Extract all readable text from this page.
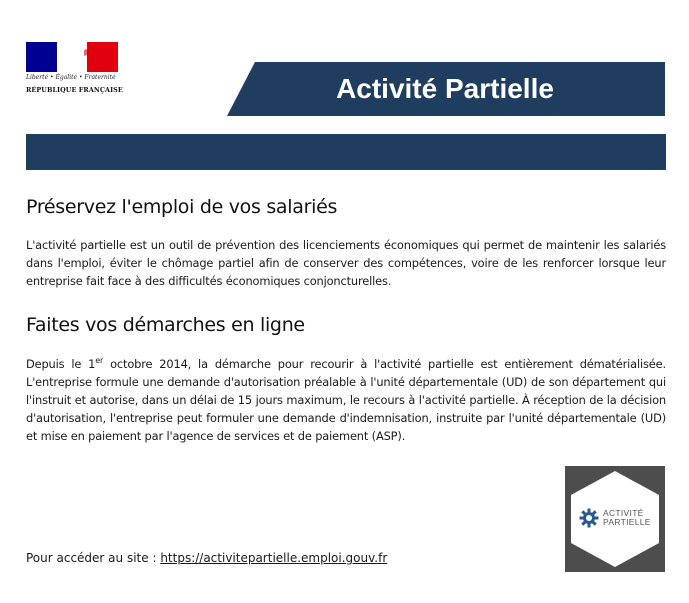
Liberté • Égalité • Fraternité
RÉPUBLIQUE FRANÇAISE	Activité Partielle
Préservez l'emploi de vos salariés

L'activité partielle est un outil de prévention des licenciements économiques qui permet de maintenir les salariés dans l'emploi, éviter le chômage partiel afin de conserver des compétences, voire de les renforcer lorsque leur entreprise fait face à des difficultés économiques conjoncturelles.

Faites vos démarches en ligne

Depuis le 1er octobre 2014, la démarche pour recourir à l'activité partielle est entièrement dématérialisée. L'entreprise formule une demande d'autorisation préalable à l'unité départementale (UD) de son département qui l'instruit et autorise, dans un délai de 15 jours maximum, le recours à l'activité partielle. À réception de la décision d'autorisation, l'entreprise peut formuler une demande d'indemnisation, instruite par l'unité départementale (UD) et mise en paiement par l'agence de services et de paiement (ASP).

ACTIVITÉ
PARTIELLE
Pour accéder au site : https://activitepartielle.emploi.gouv.fr
